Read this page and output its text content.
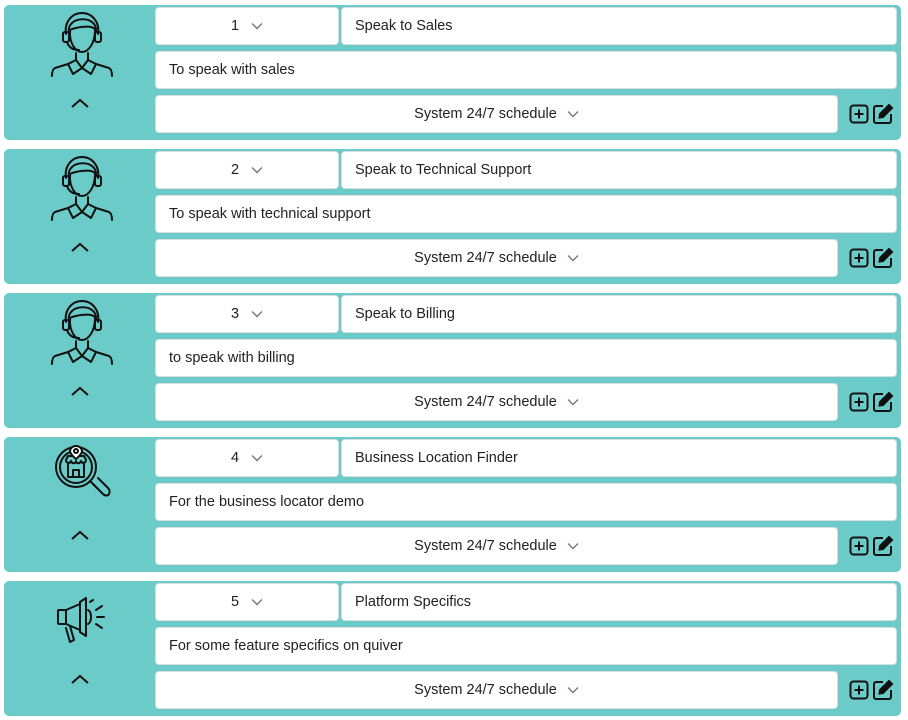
1	Speak to Sales
To speak with sales
System 24/7 schedule
2	Speak to Technical Support
To speak with technical support
System 24/7 schedule
3	Speak to Billing
to speak with billing
System 24/7 schedule
4	Business Location Finder
For the business locator demo
System 24/7 schedule
5	Platform Specifics
For some feature specifics on quiver
System 24/7 schedule
